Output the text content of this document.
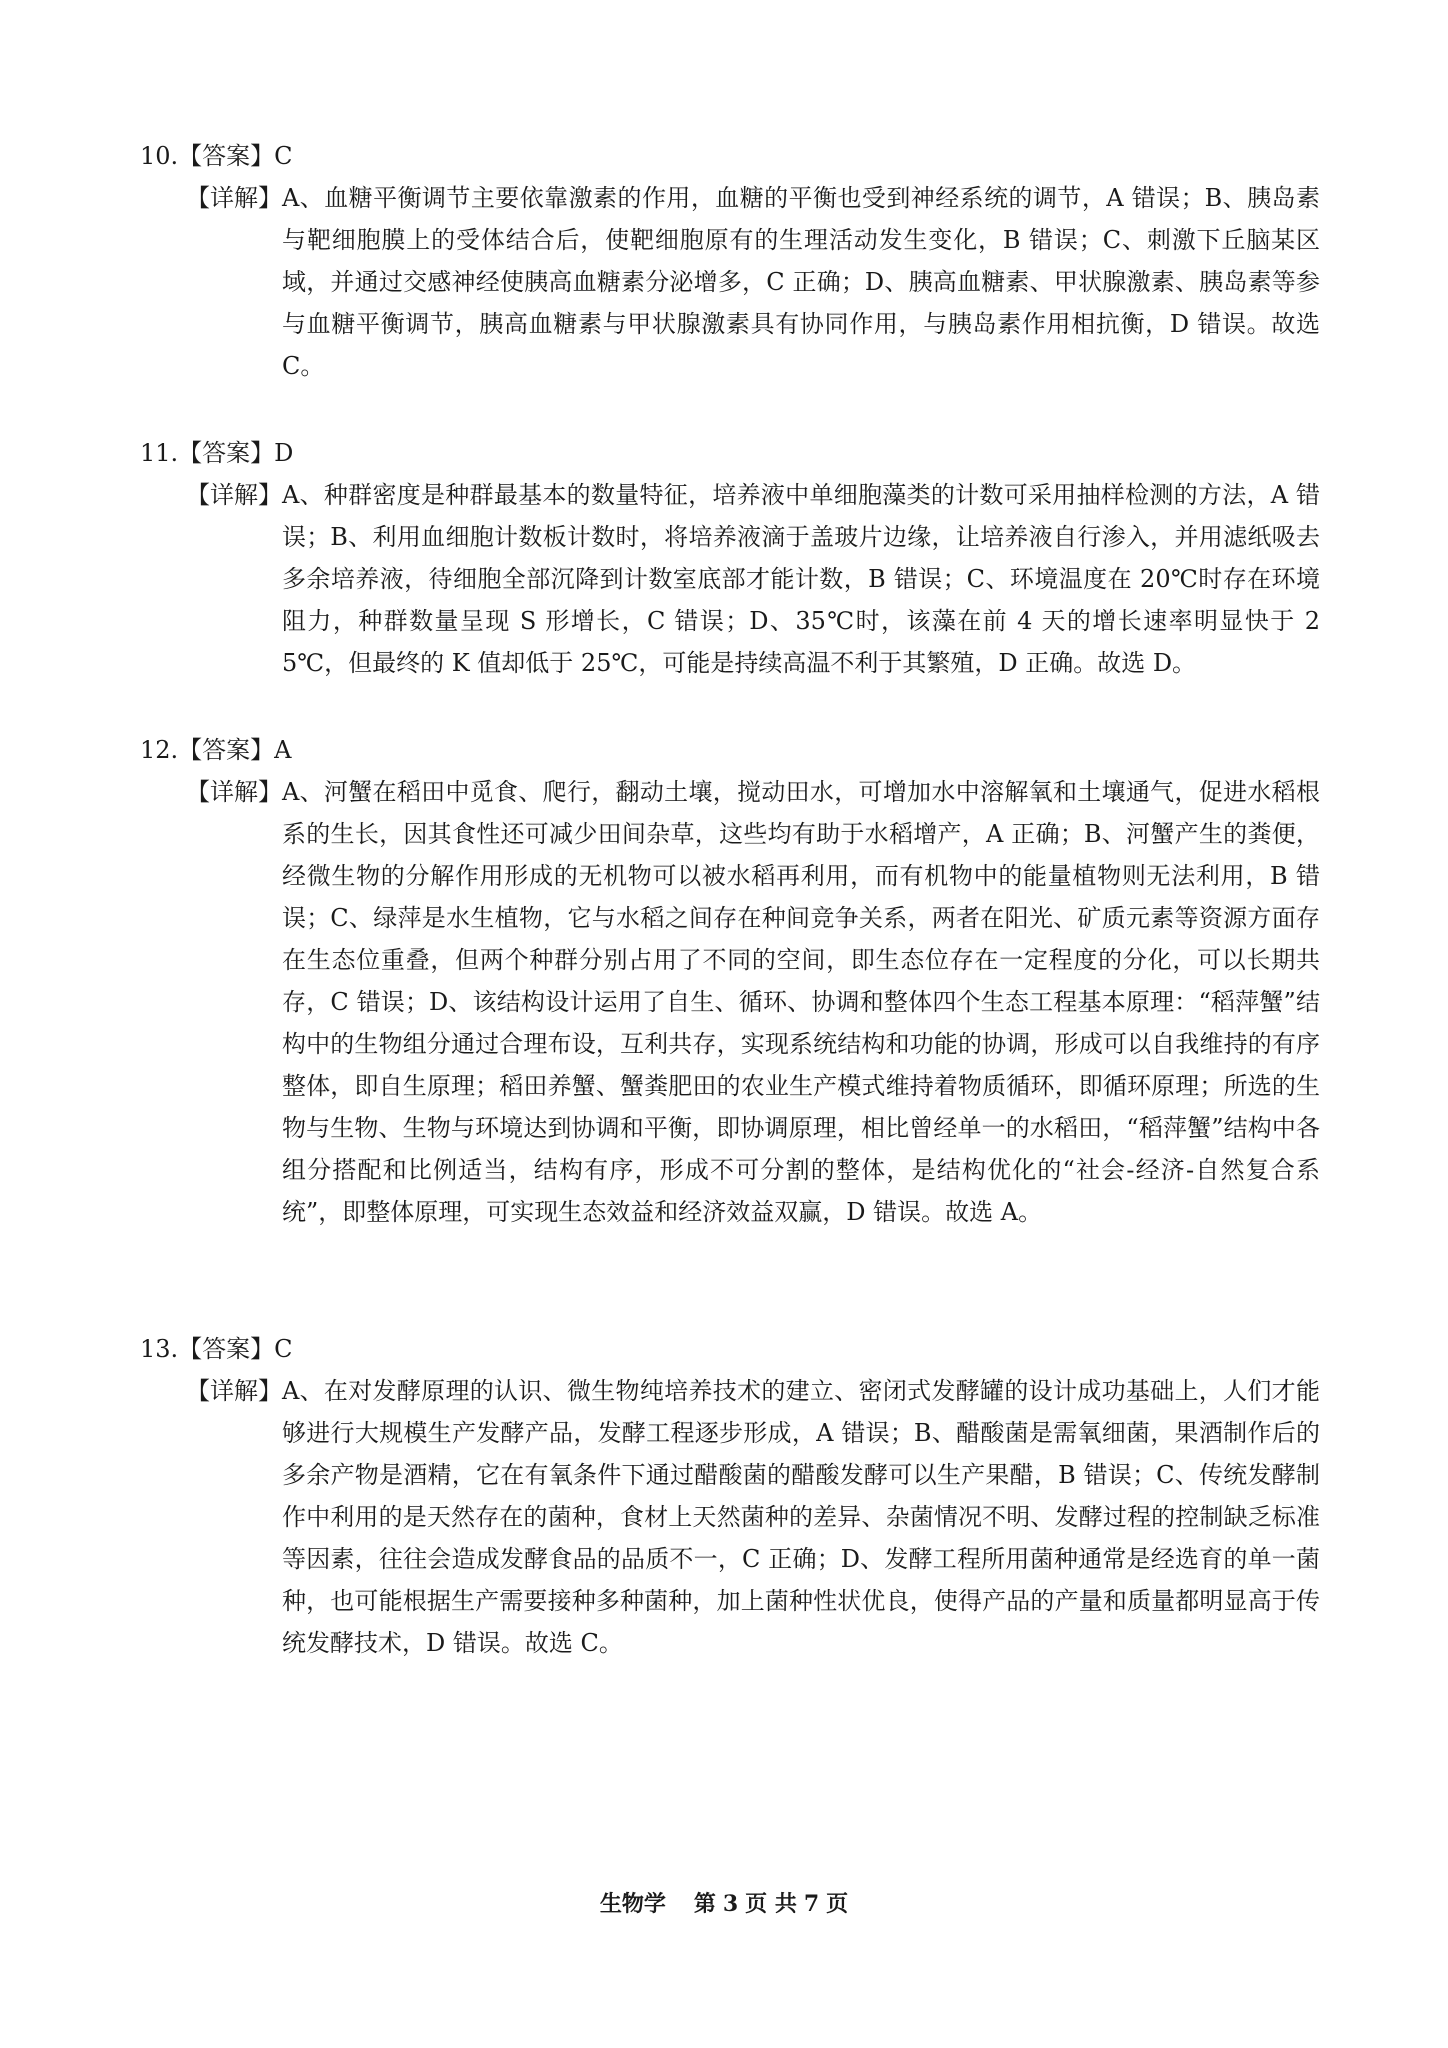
10.【答案】C
【详解】 A、血糖平衡调节主要依靠激素的作用，血糖的平衡也受到神经系统的调节，A 错误；B、胰岛素与靶细胞膜上的受体结合后，使靶细胞原有的生理活动发生变化，B 错误；C、刺激下丘脑某区域，并通过交感神经使胰高血糖素分泌增多，C 正确；D、胰高血糖素、甲状腺激素、胰岛素等参与血糖平衡调节，胰高血糖素与甲状腺激素具有协同作用，与胰岛素作用相抗衡，D 错误。故选 C。
11.【答案】D
【详解】 A、种群密度是种群最基本的数量特征，培养液中单细胞藻类的计数可采用抽样检测的方法，A 错误；B、利用血细胞计数板计数时，将培养液滴于盖玻片边缘，让培养液自行渗入，并用滤纸吸去多余培养液，待细胞全部沉降到计数室底部才能计数，B 错误；C、环境温度在 20℃时存在环境阻力，种群数量呈现 S 形增长，C 错误；D、35℃时，该藻在前 4 天的增长速率明显快于 25℃，但最终的 K 值却低于 25℃，可能是持续高温不利于其繁殖，D 正确。故选 D。
12.【答案】A
【详解】 A、河蟹在稻田中觅食、爬行，翻动土壤，搅动田水，可增加水中溶解氧和土壤通气，促进水稻根系的生长，因其食性还可减少田间杂草，这些均有助于水稻增产，A 正确；B、河蟹产生的粪便，经微生物的分解作用形成的无机物可以被水稻再利用，而有机物中的能量植物则无法利用，B 错误；C、绿萍是水生植物，它与水稻之间存在种间竞争关系，两者在阳光、矿质元素等资源方面存在生态位重叠，但两个种群分别占用了不同的空间，即生态位存在一定程度的分化，可以长期共存，C 错误；D、该结构设计运用了自生、循环、协调和整体四个生态工程基本原理：“稻萍蟹”结构中的生物组分通过合理布设，互利共存，实现系统结构和功能的协调，形成可以自我维持的有序整体，即自生原理；稻田养蟹、蟹粪肥田的农业生产模式维持着物质循环，即循环原理；所选的生物与生物、生物与环境达到协调和平衡，即协调原理，相比曾经单一的水稻田，“稻萍蟹”结构中各组分搭配和比例适当，结构有序，形成不可分割的整体，是结构优化的“社会-经济-自然复合系统”，即整体原理，可实现生态效益和经济效益双赢，D 错误。故选 A。
13.【答案】C
【详解】 A、在对发酵原理的认识、微生物纯培养技术的建立、密闭式发酵罐的设计成功基础上，人们才能够进行大规模生产发酵产品，发酵工程逐步形成，A 错误；B、醋酸菌是需氧细菌，果酒制作后的多余产物是酒精，它在有氧条件下通过醋酸菌的醋酸发酵可以生产果醋，B 错误；C、传统发酵制作中利用的是天然存在的菌种，食材上天然菌种的差异、杂菌情况不明、发酵过程的控制缺乏标准等因素，往往会造成发酵食品的品质不一，C 正确；D、发酵工程所用菌种通常是经选育的单一菌种，也可能根据生产需要接种多种菌种，加上菌种性状优良，使得产品的产量和质量都明显高于传统发酵技术，D 错误。故选 C。
生物学 第 3 页 共 7 页
